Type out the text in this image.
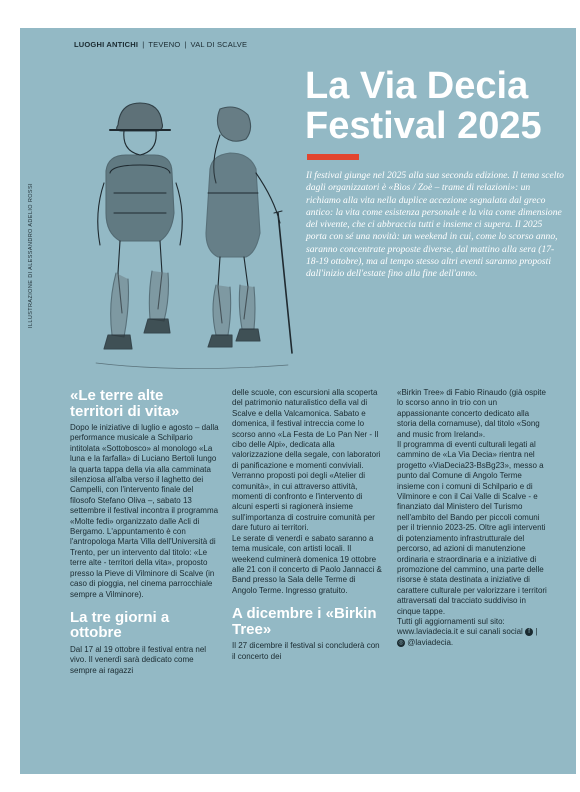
ILLUSTRAZIONE DI ALESSANDRO ADELIO ROSSI
LUOGHI ANTICHI | TEVENO | VAL DI SCALVE
La Via Decia
Festival 2025

Il festival giunge nel 2025 alla sua seconda edizione. Il tema scelto dagli organizzatori è «Bìos / Zoè – trame di relazioni»: un richiamo alla vita nella duplice accezione segnalata dal greco antico: la vita come esistenza personale e la vita come dimensione del vivente, che ci abbraccia tutti e insieme ci supera. Il 2025 porta con sé una novità: un weekend in cui, come lo scorso anno, saranno concentrate proposte diverse, dal mattino alla sera (17-18-19 ottobre), ma al tempo stesso altri eventi saranno proposti dall'inizio dell'estate fino alla fine dell'anno.

«Le terre alte territori di vita»

Dopo le iniziative di luglio e agosto – dalla performance musicale a Schilpario intitolata «Sottobosco» al monologo «La luna e la farfalla» di Luciano Bertoli lungo la quarta tappa della via alla camminata silenziosa all'alba verso il laghetto dei Campelli, con l'intervento finale del filosofo Stefano Oliva –, sabato 13 settembre il festival incontra il programma «Molte fedi» organizzato dalle Acli di Bergamo. L'appuntamento è con l'antropologa Marta Villa dell'Università di Trento, per un intervento dal titolo: «Le terre alte - territori della vita», proposto presso la Pieve di Vilminore di Scalve (in caso di pioggia, nel cinema parrocchiale sempre a Vilminore).

La tre giorni a ottobre

Dal 17 al 19 ottobre il festival entra nel vivo. Il venerdì sarà dedicato come sempre ai ragazzi

delle scuole, con escursioni alla scoperta del patrimonio naturalistico della val di Scalve e della Valcamonica. Sabato e domenica, il festival intreccia come lo scorso anno «La Festa de Lo Pan Ner - Il cibo delle Alpi», dedicata alla valorizzazione della segale, con laboratori di panificazione e momenti conviviali. Verranno proposti poi degli «Atelier di comunità», in cui attraverso attività, momenti di confronto e l'intervento di alcuni esperti si ragionerà insieme sull'importanza di costruire comunità per dare futuro ai territori.

Le serate di venerdì e sabato saranno a tema musicale, con artisti locali. Il weekend culminerà domenica 19 ottobre alle 21 con il concerto di Paolo Jannacci & Band presso la Sala delle Terme di Angolo Terme. Ingresso gratuito.

A dicembre i «Birkin Tree»

Il 27 dicembre il festival si concluderà con il concerto dei

«Birkin Tree» di Fabio Rinaudo (già ospite lo scorso anno in trio con un appassionante concerto dedicato alla storia della cornamuse), dal titolo «Song and music from Ireland».

Il programma di eventi culturali legati al cammino de «La Via Decia» rientra nel progetto «ViaDecia23-BsBg23», messo a punto dal Comune di Angolo Terme insieme con i comuni di Schilpario e di Vilminore e con il Cai Valle di Scalve - e finanziato dal Ministero del Turismo nell'ambito del Bando per piccoli comuni per il triennio 2023-25. Oltre agli interventi di potenziamento infrastrutturale del percorso, ad azioni di manutenzione ordinaria e straordinaria e a iniziative di promozione del cammino, una parte delle risorse è stata destinata a iniziative di carattere culturale per valorizzare i territori attraversati dal tracciato suddiviso in cinque tappe.

Tutti gli aggiornamenti sul sito: www.laviadecia.it e sui canali social f | ◎ @laviadecia.
